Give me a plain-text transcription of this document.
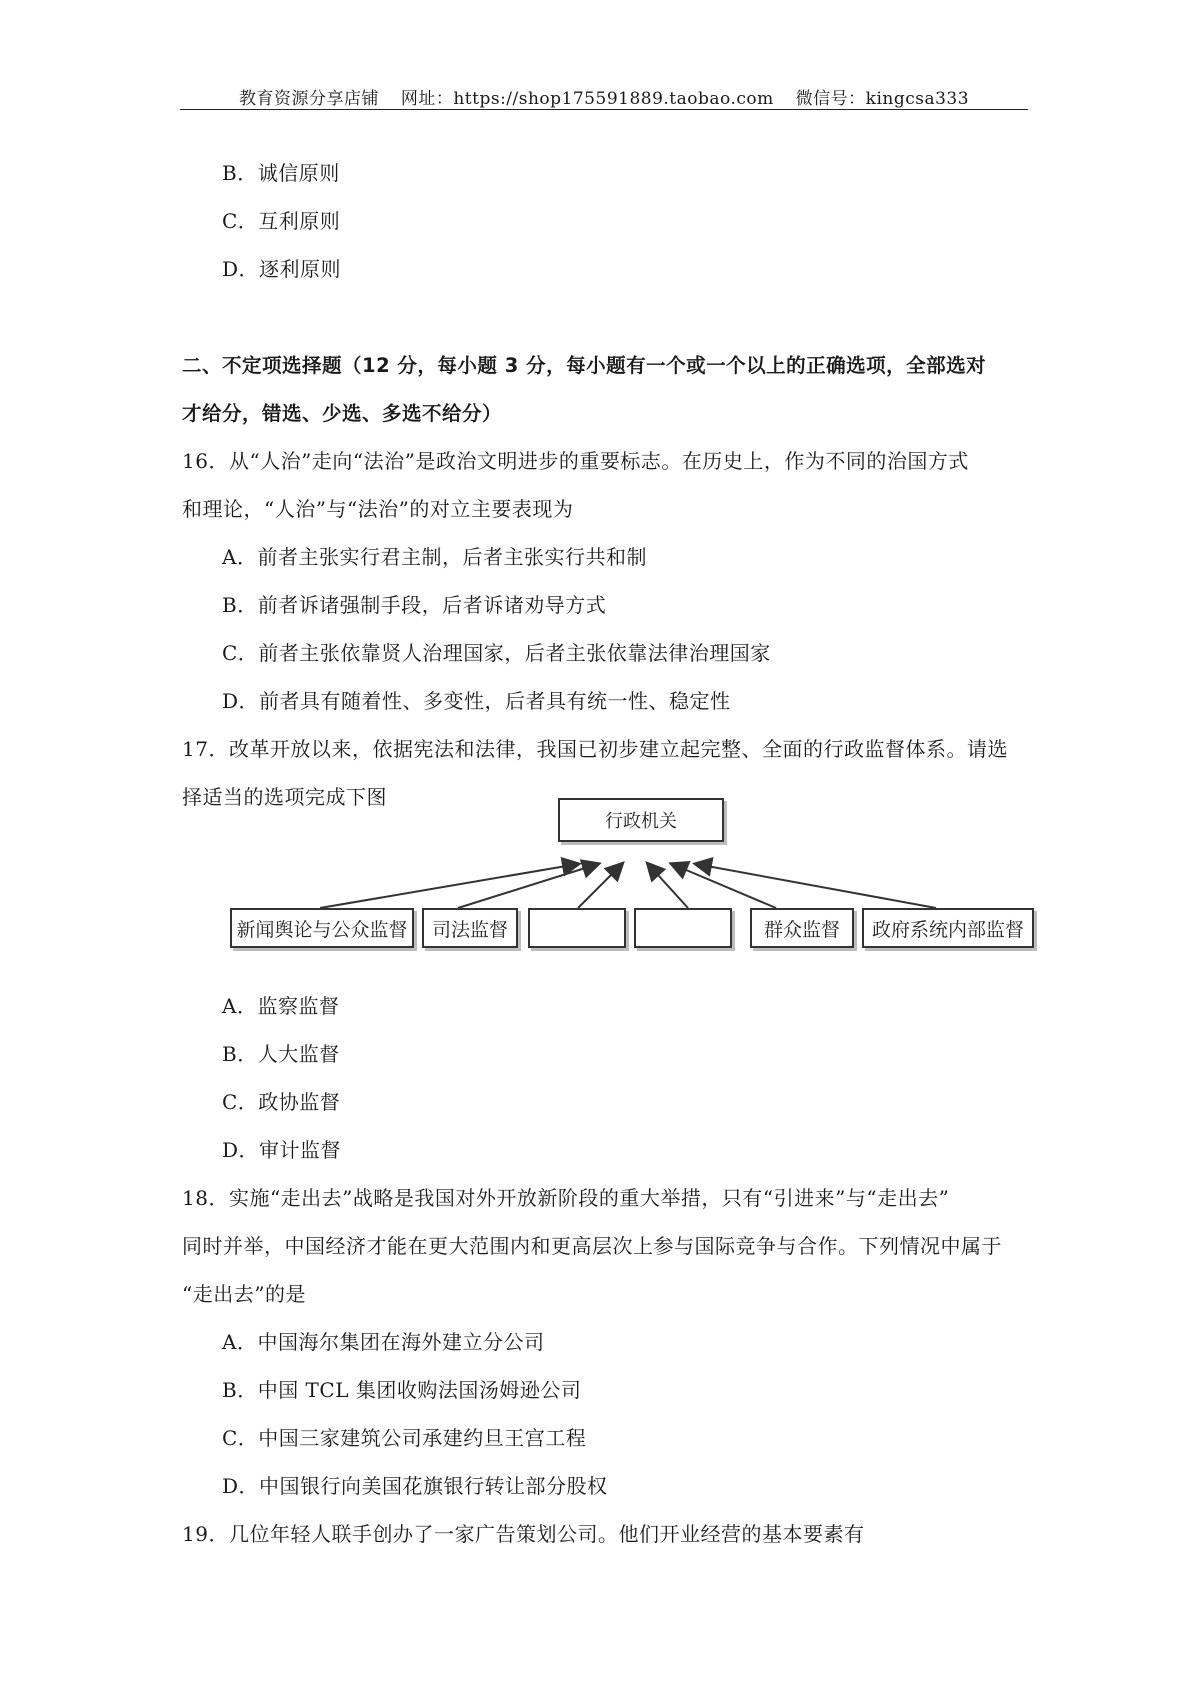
教育资源分享店铺 网址：https://shop175591889.taobao.com 微信号：kingcsa333
B．诚信原则
C．互利原则
D．逐利原则
二、不定项选择题（12 分，每小题 3 分，每小题有一个或一个以上的正确选项，全部选对
才给分，错选、少选、多选不给分）
16．从“人治”走向“法治”是政治文明进步的重要标志。在历史上，作为不同的治国方式
和理论，“人治”与“法治”的对立主要表现为
A．前者主张实行君主制，后者主张实行共和制
B．前者诉诸强制手段，后者诉诸劝导方式
C．前者主张依靠贤人治理国家，后者主张依靠法律治理国家
D．前者具有随着性、多变性，后者具有统一性、稳定性
17．改革开放以来，依据宪法和法律，我国已初步建立起完整、全面的行政监督体系。请选
择适当的选项完成下图
行政机关
新闻舆论与公众监督	司法监督	群众监督	政府系统内部监督
A．监察监督
B．人大监督
C．政协监督
D．审计监督
18．实施“走出去”战略是我国对外开放新阶段的重大举措，只有“引进来”与“走出去”
同时并举，中国经济才能在更大范围内和更高层次上参与国际竞争与合作。下列情况中属于
“走出去”的是
A．中国海尔集团在海外建立分公司
B．中国 TCL 集团收购法国汤姆逊公司
C．中国三家建筑公司承建约旦王宫工程
D．中国银行向美国花旗银行转让部分股权
19．几位年轻人联手创办了一家广告策划公司。他们开业经营的基本要素有
